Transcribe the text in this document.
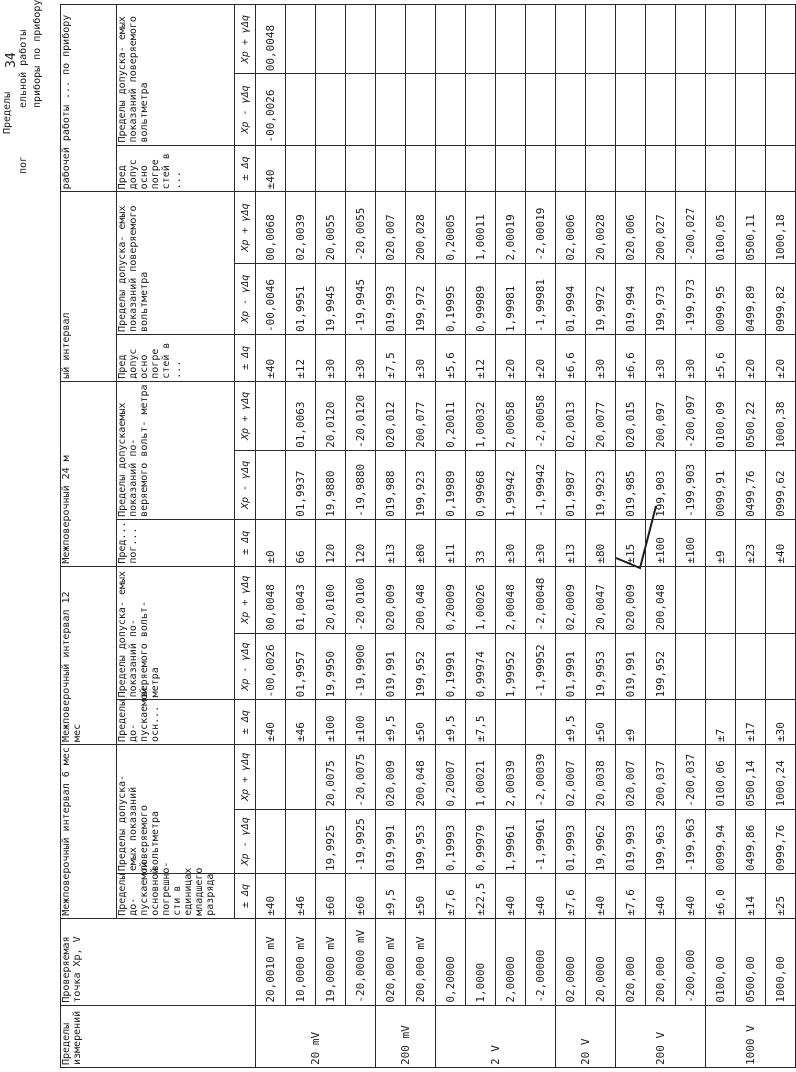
34
Пределы
пог
ельной работы приборы по прибору
Пределы измерений	Проверяемая точка Хр, V	Межповерочный интервал 6 мес			Межповерочный интервал 12 мес			Межповерочный 24 м			ый интервал			рабочей работы ... по прибору		
		Пределы до- пускаемой основной погрешно- сти в единицах младшего разряда	Пределы допуска- емых показаний поверяемого вольтметра		Пределы до- пускаемой осн...	Пределы допуска- емых показаний по- веряемого вольт- метра		Пред... пог...	Пределы допускаемых показаний по- веряемого вольт- метра		Пред допус осно погре стей в ...	Пределы допуска- емых показаний поверяемого вольтметра		Пред допус осно погре стей в ...	Пределы допуска- емых показаний поверяемого вольтметра	
		± Δq	Хр - γΔq	Хр + γΔq	± Δq	Хр - γΔq	Хр + γΔq	± Δq	Хр - γΔq	Хр + γΔq	± Δq	Хр - γΔq	Хр + γΔq	± Δq	Хр - γΔq	Хр + γΔq
20 mV	20,0010 mV	±40			±40	-00,0026	00,0048	±0			±40	-00,0046	00,0068	±40	-00,0026	00,0048
	10,0000 mV	±46			±46	01,9957	01,0043	66	01,9937	01,0063	±12	01,9951	02,0039			
	19,0000 mV	±60	19,9925	20,0075	±100	19,9950	20,0100	120	19,9880	20,0120	±30	19,9945	20,0055			
	-20,0000 mV	±60	-19,9925	-20,0075	±100	-19,9900	-20,0100	120	-19,9880	-20,0120	±30	-19,9945	-20,0055			
200 mV	020,000 mV	±9,5	019,991	020,009	±9,5	019,991	020,009	±13	019,988	020,012	±7,5	019,993	020,007			
	200,000 mV	±50	199,953	200,048	±50	199,952	200,048	±80	199,923	200,077	±30	199,972	200,028			
2 V	0,20000	±7,6	0,19993	0,20007	±9,5	0,19991	0,20009	±11	0,19989	0,20011	±5,6	0,19995	0,20005			
	1,0000	±22,5	0,99979	1,00021	±7,5	0,99974	1,00026	33	0,99968	1,00032	±12	0,99989	1,00011			
	2,00000	±40	1,99961	2,00039		1,99952	2,00048	±30	1,99942	2,00058	±20	1,99981	2,00019			
	-2,00000	±40	-1,99961	-2,00039		-1,99952	-2,00048	±30	-1,99942	-2,00058	±20	-1,99981	-2,00019			
20 V	02,0000	±7,6	01,9993	02,0007	±9,5	01,9991	02,0009	±13	01,9987	02,0013	±6,6	01,9994	02,0006			
	20,0000	±40	19,9962	20,0038	±50	19,9953	20,0047	±80	19,9923	20,0077	±30	19,9972	20,0028			
200 V	020,000	±7,6	019,993	020,007	±9	019,991	020,009	±15	019,985	020,015	±6,6	019,994	020,006			
	200,000	±40	199,963	200,037		199,952	200,048	±100	199,903	200,097	±30	199,973	200,027			
	-200,000	±40	-199,963	-200,037				±100	-199,903	-200,097	±30	-199,973	-200,027			
1000 V	0100,00	±6,0	0099,94	0100,06	±7			±9	0099,91	0100,09	±5,6	0099,95	0100,05			
	0500,00	±14	0499,86	0500,14	±17			±23	0499,76	0500,22	±20	0499,89	0500,11			
	1000,00	±25	0999,76	1000,24	±30			±40	0999,62	1000,38	±20	0999,82	1000,18			
